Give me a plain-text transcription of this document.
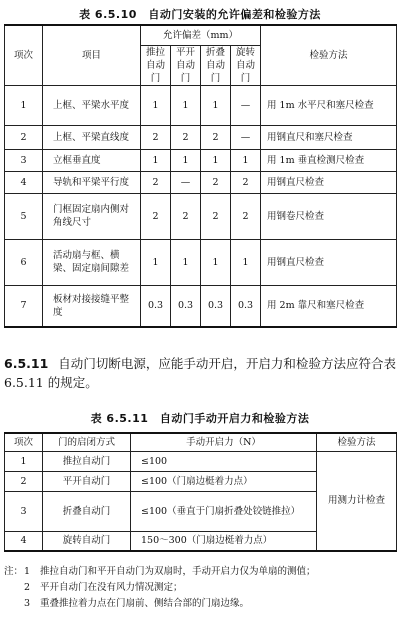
表 6.5.10　自动门安装的允许偏差和检验方法
项次	项目	允许偏差（mm）				检验方法
		推拉自动门	平开自动门	折叠自动门	旋转自动门	
1	上框、平梁水平度	1	1	1	—	用 1m 水平尺和塞尺检查
2	上框、平梁直线度	2	2	2	—	用钢直尺和塞尺检查
3	立框垂直度	1	1	1	1	用 1m 垂直检测尺检查
4	导轨和平梁平行度	2	—	2	2	用钢直尺检查
5	门框固定扇内侧对角线尺寸	2	2	2	2	用钢卷尺检查
6	活动扇与框、横梁、固定扇间隙差	1	1	1	1	用钢直尺检查
7	板材对接接缝平整度	0.3	0.3	0.3	0.3	用 2m 靠尺和塞尺检查
6.5.11 自动门切断电源，应能手动开启，开启力和检验方法应符合表 6.5.11 的规定。
表 6.5.11　自动门手动开启力和检验方法
项次	门的启闭方式	手动开启力（N）	检验方法
1	推拉自动门	≤100	用测力计检查
2	平开自动门	≤100（门扇边梃着力点）	
3	折叠自动门	≤100（垂直于门扇折叠处铰链推拉）	
4	旋转自动门	150～300（门扇边梃着力点）	
注： 1	推拉自动门和平开自动门为双扇时，手动开启力仅为单扇的测值；
2	平开自动门在没有风力情况测定；
3	重叠推拉着力点在门扇前、侧结合部的门扇边缘。
